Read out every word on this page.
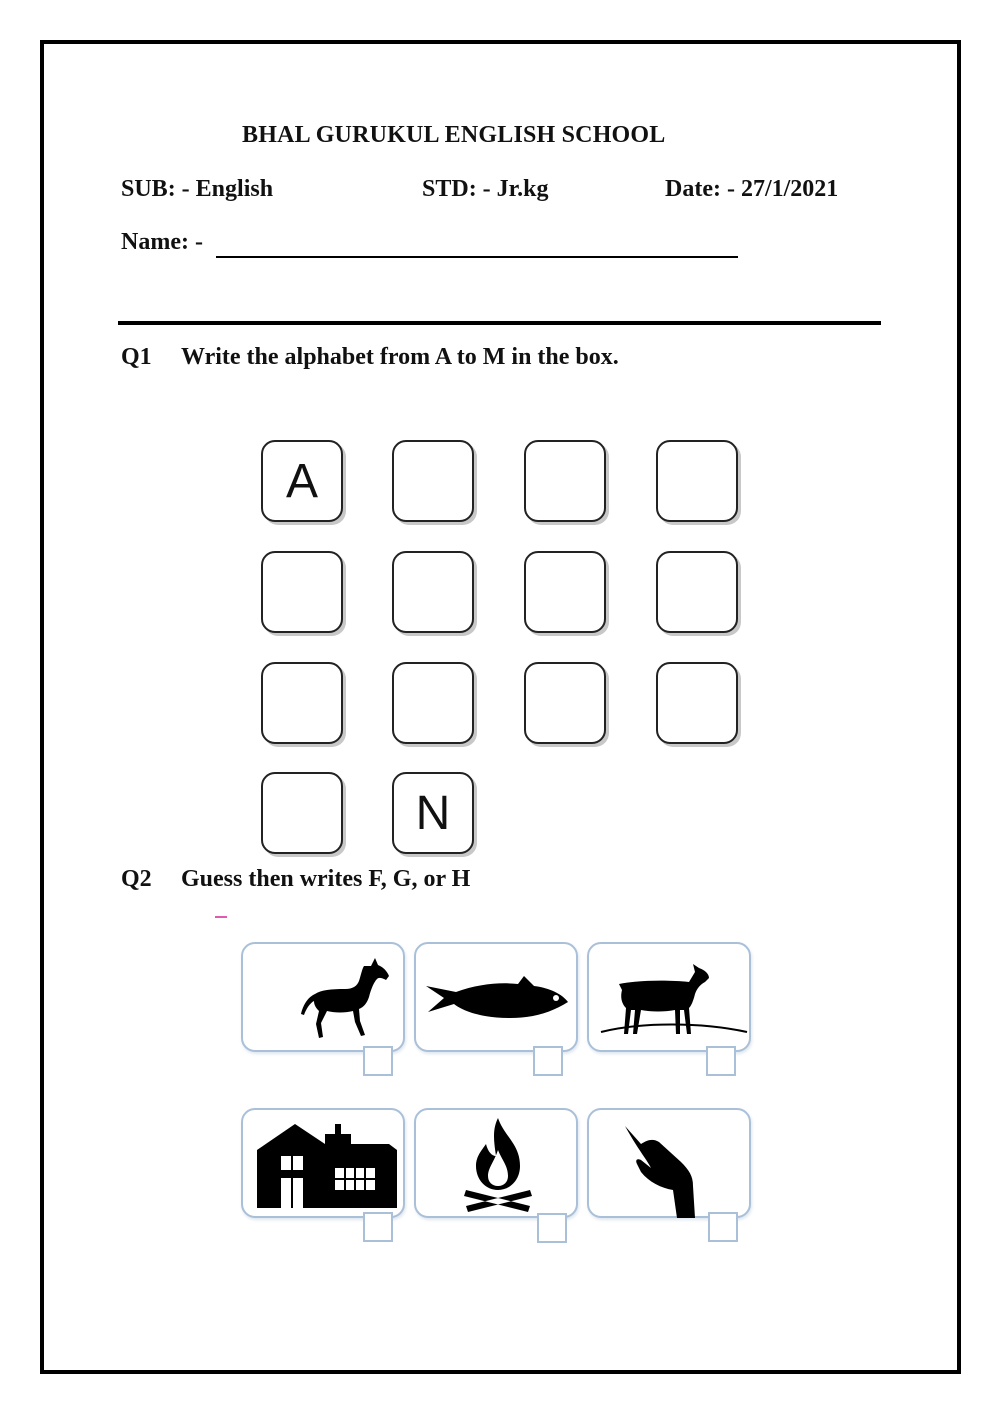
BHAL GURUKUL ENGLISH SCHOOL
SUB: - English	STD: - Jr.kg	Date: - 27/1/2021
Name: -
Q1 Write the alphabet from A to M in the box.
A
N
Q2 Guess then writes F, G, or H
